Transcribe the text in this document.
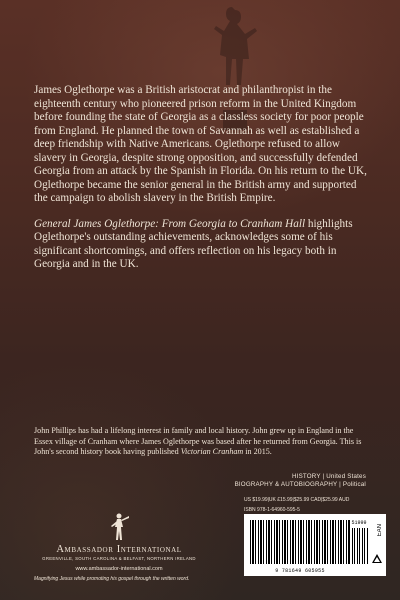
James Oglethorpe was a British aristocrat and philanthropist in the eighteenth century who pioneered prison reform in the United Kingdom before founding the state of Georgia as a classless society for poor people from England. He planned the town of Savannah as well as established a deep friendship with Native Americans. Oglethorpe refused to allow slavery in Georgia, despite strong opposition, and successfully defended Georgia from an attack by the Spanish in Florida. On his return to the UK, Oglethorpe became the senior general in the British army and supported the campaign to abolish slavery in the British Empire.

General James Oglethorpe: From Georgia to Cranham Hall highlights Oglethorpe's outstanding achievements, acknowledges some of his significant shortcomings, and offers reflection on his legacy both in Georgia and in the UK.

John Phillips has had a lifelong interest in family and local history. John grew up in England in the Essex village of Cranham where James Oglethorpe was based after he returned from Georgia. This is John's second history book having published Victorian Cranham in 2015.
HISTORY | United States
BIOGRAPHY & AUTOBIOGRAPHY | Political
US $19.99|UK £15.99|$25.99 CAD|$25.99 AUD
ISBN 978-1-64960-595-5
9 781649 605955
51999
EAN
Ambassador International
GREENVILLE, SOUTH CAROLINA & BELFAST, NORTHERN IRELAND
www.ambassador-international.com
Magnifying Jesus while promoting his gospel through the written word.
